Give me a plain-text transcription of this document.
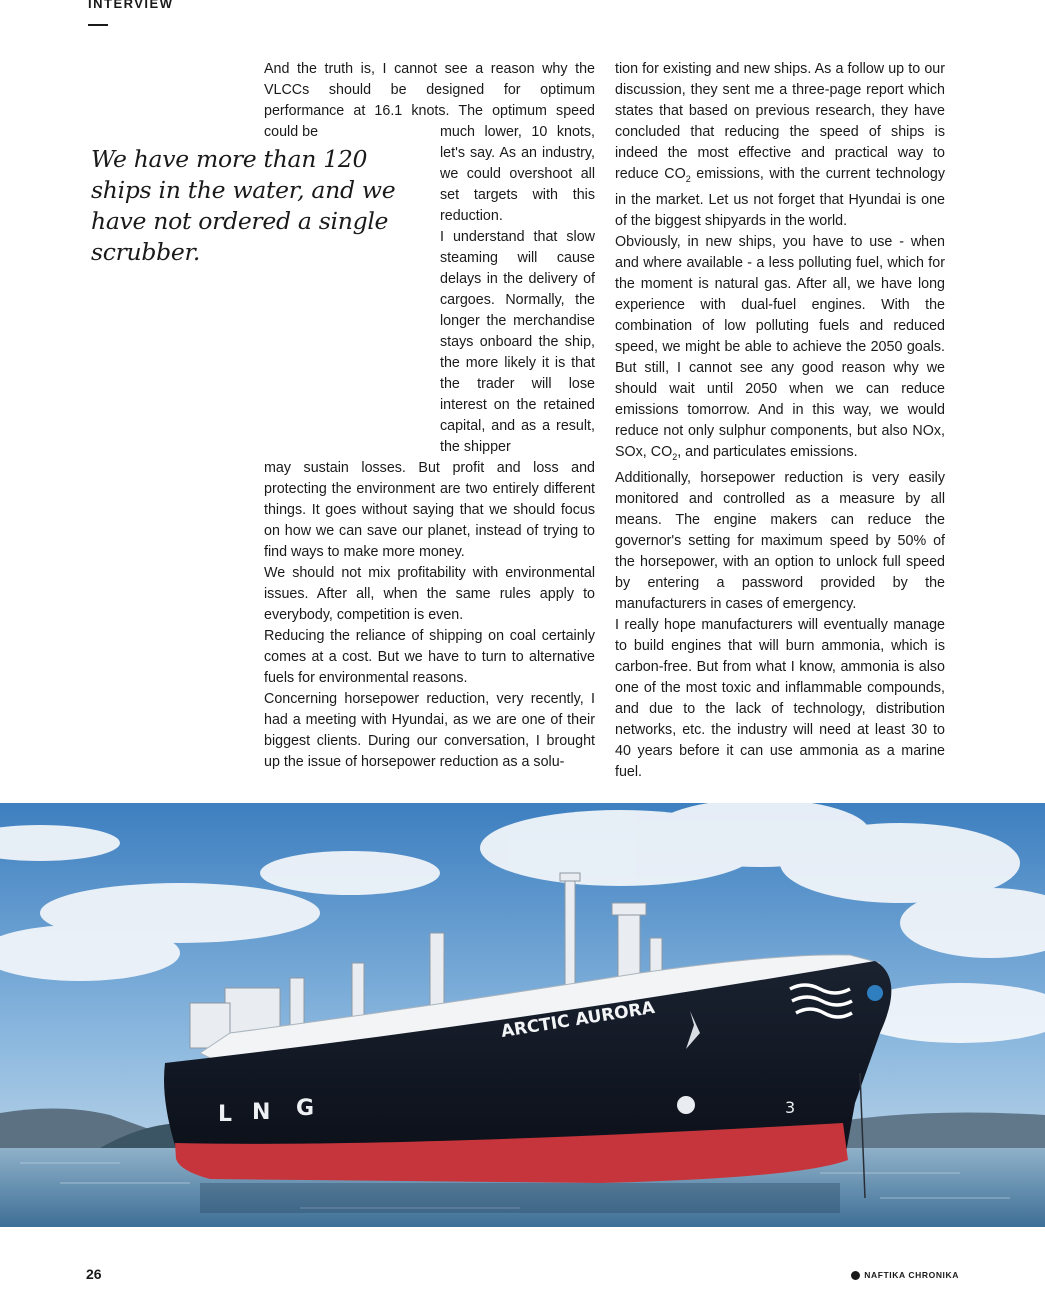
INTERVIEW

We have more than 120 ships in the water, and we have not ordered a single scrubber.

And the truth is, I cannot see a reason why the VLCCs should be designed for optimum performance at 16.1 knots. The optimum speed could be	much lower, 10 knots, let's say. As an industry, we could overshoot all set targets with this reduction.

I understand that slow steaming will cause delays in the delivery of cargoes. Normally, the longer the merchandise stays onboard the ship, the more likely it is that the trader will lose interest on the retained capital, and as a result, the shipper

may sustain losses. But profit and loss and protecting the environment are two entirely different things. It goes without saying that we should focus on how we can save our planet, instead of trying to find ways to make more money.

We should not mix profitability with environmental issues. After all, when the same rules apply to everybody, competition is even.

Reducing the reliance of shipping on coal certainly comes at a cost. But we have to turn to alternative fuels for environmental reasons.

Concerning horsepower reduction, very recently, I had a meeting with Hyundai, as we are one of their biggest clients. During our conversation, I brought up the issue of horsepower reduction as a solu-

tion for existing and new ships. As a follow up to our discussion, they sent me a three-page report which states that based on previous research, they have concluded that reducing the speed of ships is indeed the most effective and practical way to reduce $CO_2$ emissions, with the current technology in the market. Let us not forget that Hyundai is one of the biggest shipyards in the world.

Obviously, in new ships, you have to use - when and where available - a less polluting fuel, which for the moment is natural gas. After all, we have long experience with dual-fuel engines. With the combination of low polluting fuels and reduced speed, we might be able to achieve the 2050 goals. But still, I cannot see any good reason why we should wait until 2050 when we can reduce emissions tomorrow. And in this way, we would reduce not only sulphur components, but also NOx, SOx, $CO_2$, and particulates emissions.

Additionally, horsepower reduction is very easily monitored and controlled as a measure by all means. The engine makers can reduce the governor's setting for maximum speed by 50% of the horsepower, with an option to unlock full speed by entering a password provided by the manufacturers in cases of emergency.

I really hope manufacturers will eventually manage to build engines that will burn ammonia, which is carbon-free. But from what I know, ammonia is also one of the most toxic and inflammable compounds, and due to the lack of technology, distribution networks, etc. the industry will need at least 30 to 40 years before it can use ammonia as a marine fuel.

ARCTIC AURORA
L N G	3
26	NAFTIKA CHRONIKA
